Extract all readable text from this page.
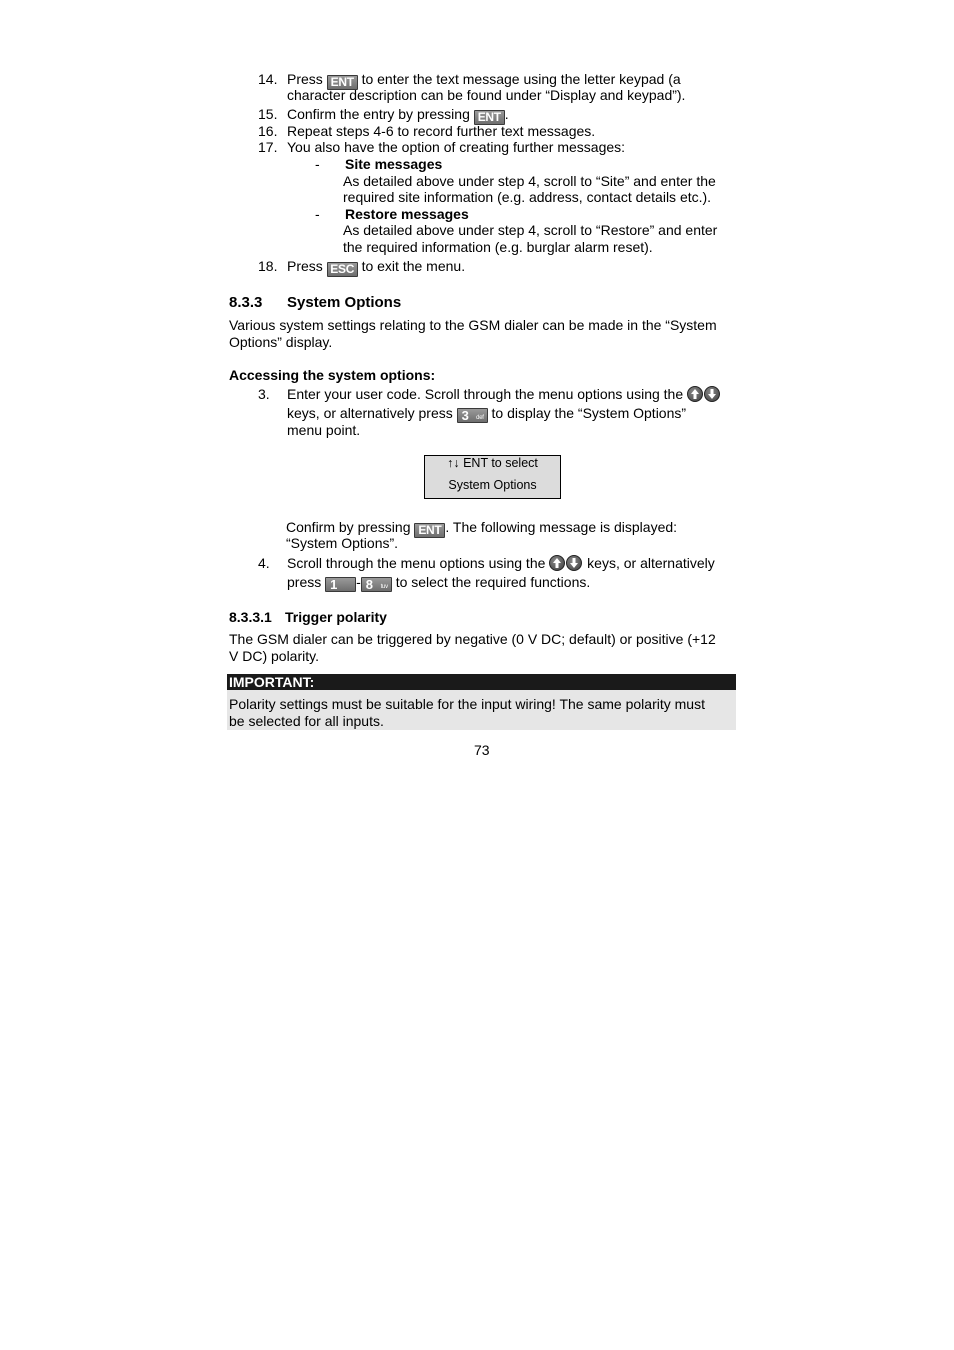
14. Press ENT to enter the text message using the letter keypad (a
character description can be found under “Display and keypad”).
15. Confirm the entry by pressing ENT .
16. Repeat steps 4-6 to record further text messages.
17. You also have the option of creating further messages:
- Site messages
As detailed above under step 4, scroll to “Site” and enter the
required site information (e.g. address, contact details etc.).
- Restore messages
As detailed above under step 4, scroll to “Restore” and enter
the required information (e.g. burglar alarm reset).
18. Press ESC to exit the menu.
8.3.3 System Options
Various system settings relating to the GSM dialer can be made in the “System
Options” display.
Accessing the system options:
3. Enter your user code. Scroll through the menu options using the
keys, or alternatively press 3 def to display the “System Options”
menu point.
↑↓ ENT to select
System Options
Confirm by pressing ENT . The following message is displayed:
“System Options”.
4. Scroll through the menu options using the	keys, or alternatively
press 1 - 8 tuv to select the required functions.
8.3.3.1 Trigger polarity
The GSM dialer can be triggered by negative (0 V DC; default) or positive (+12
V DC) polarity.
IMPORTANT:
Polarity settings must be suitable for the input wiring! The same polarity must
be selected for all inputs.
73
